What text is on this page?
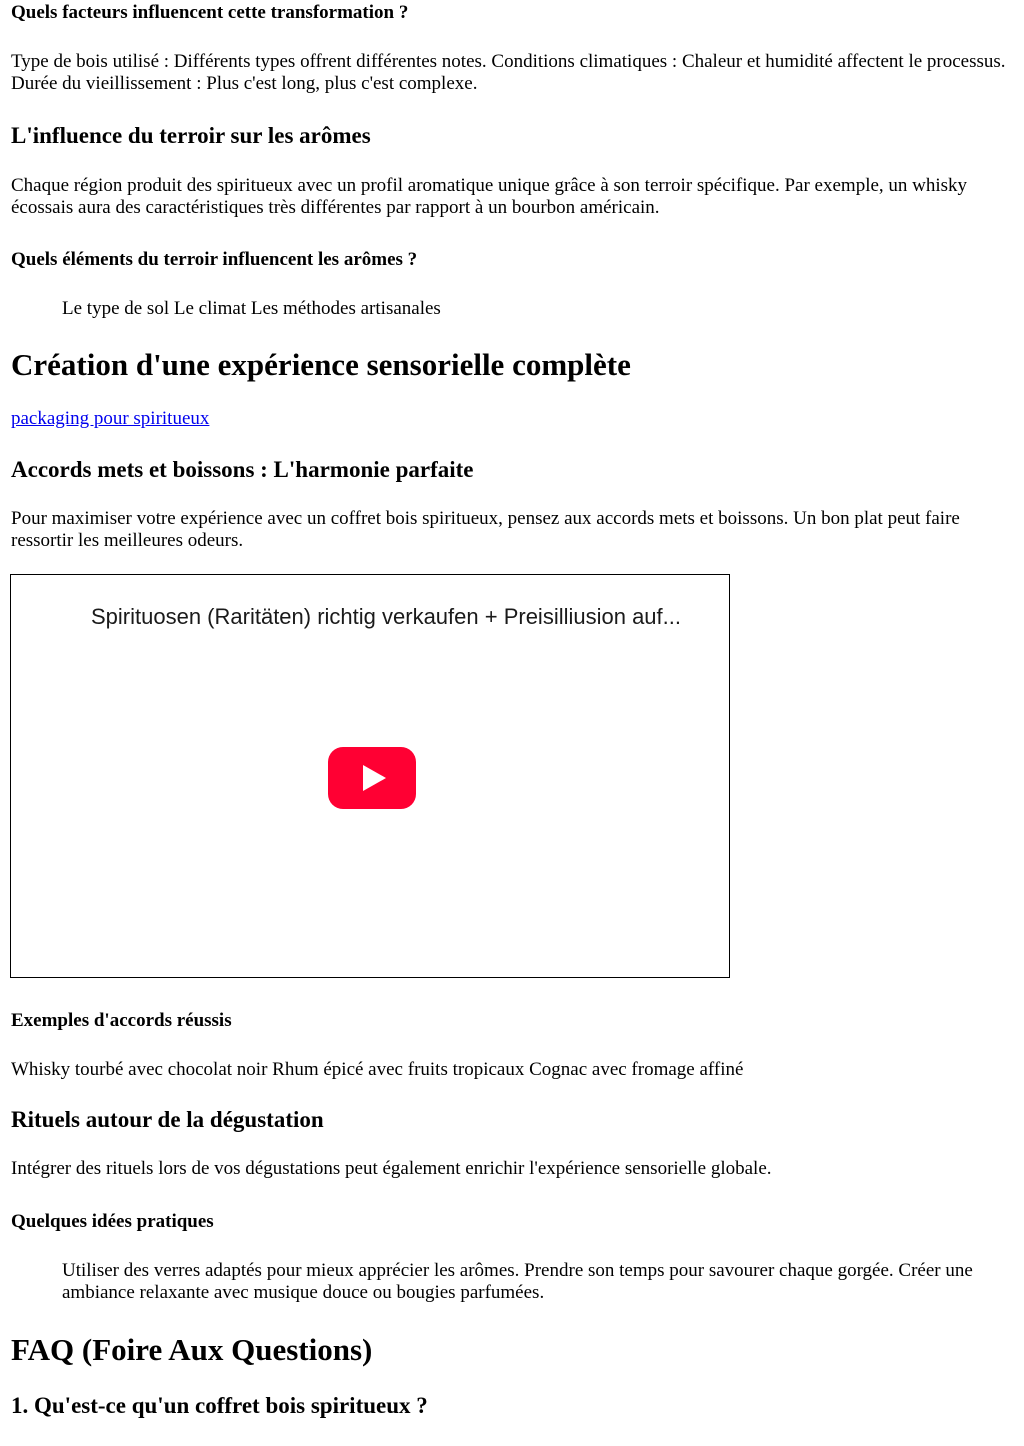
Quels facteurs influencent cette transformation ?

Type de bois utilisé : Différents types offrent différentes notes. Conditions climatiques : Chaleur et humidité affectent le processus. Durée du vieillissement : Plus c'est long, plus c'est complexe.

L'influence du terroir sur les arômes

Chaque région produit des spiritueux avec un profil aromatique unique grâce à son terroir spécifique. Par exemple, un whisky écossais aura des caractéristiques très différentes par rapport à un bourbon américain.

Quels éléments du terroir influencent les arômes ?

Le type de sol Le climat Les méthodes artisanales

Création d'une expérience sensorielle complète

packaging pour spiritueux

Accords mets et boissons : L'harmonie parfaite

Pour maximiser votre expérience avec un coffret bois spiritueux, pensez aux accords mets et boissons. Un bon plat peut faire ressortir les meilleures odeurs.

Spirituosen (Raritäten) richtig verkaufen + Preisilliusion auf...
Exemples d'accords réussis

Whisky tourbé avec chocolat noir Rhum épicé avec fruits tropicaux Cognac avec fromage affiné

Rituels autour de la dégustation

Intégrer des rituels lors de vos dégustations peut également enrichir l'expérience sensorielle globale.

Quelques idées pratiques

Utiliser des verres adaptés pour mieux apprécier les arômes. Prendre son temps pour savourer chaque gorgée. Créer une ambiance relaxante avec musique douce ou bougies parfumées.

FAQ (Foire Aux Questions)
1. Qu'est-ce qu'un coffret bois spiritueux ?
